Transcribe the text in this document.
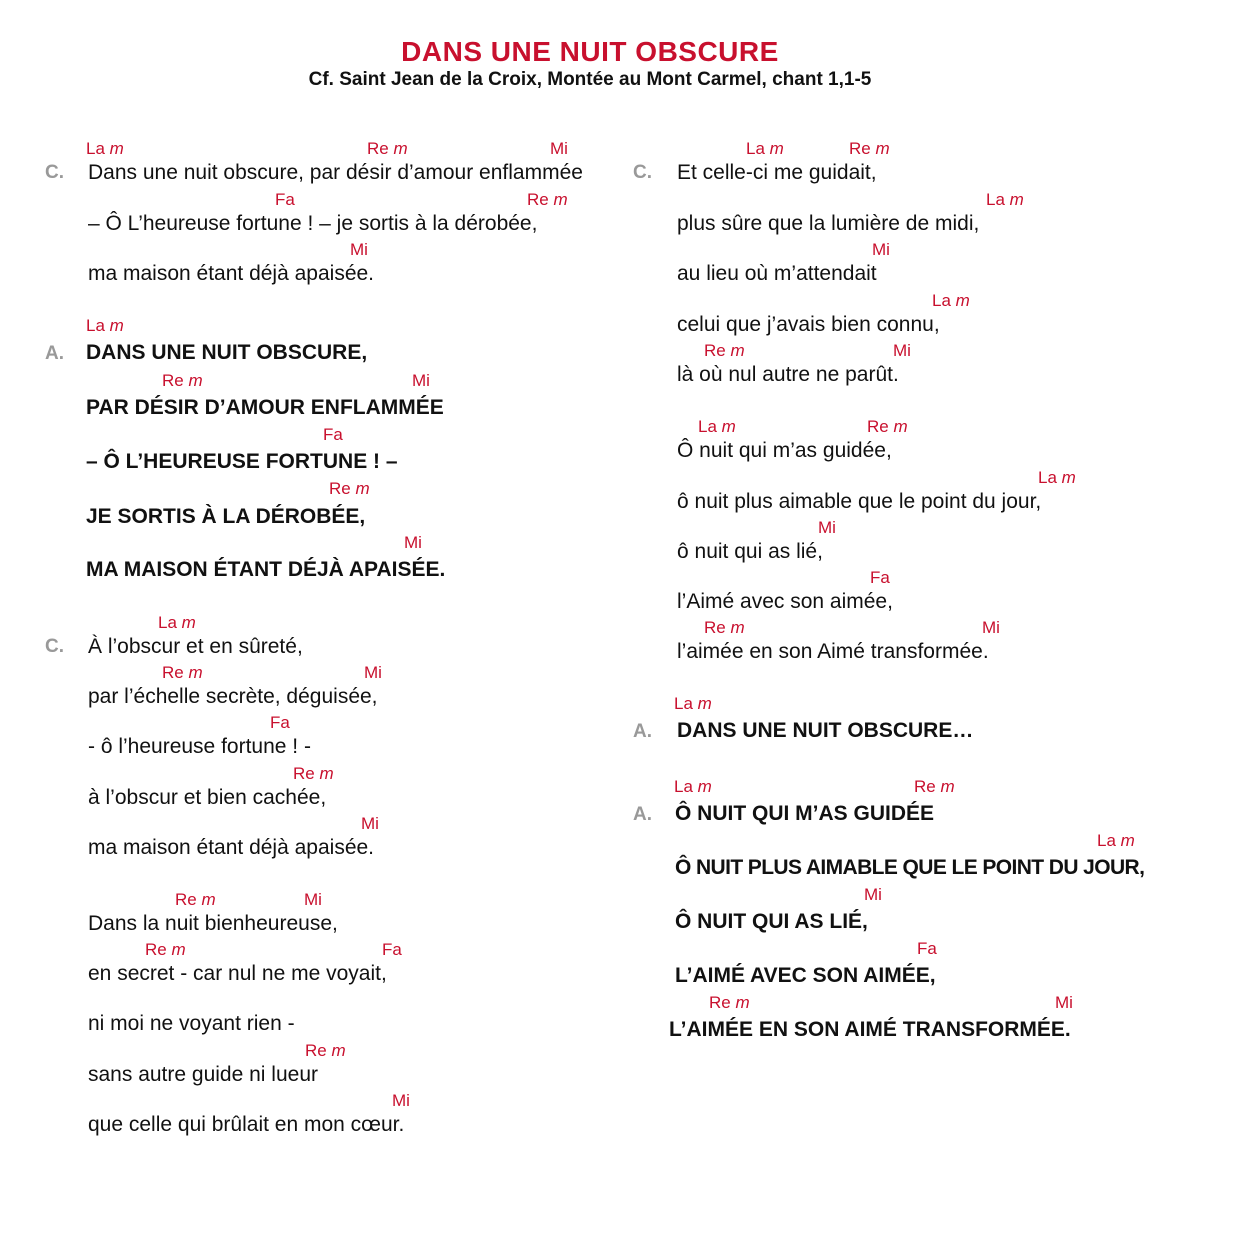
DANS UNE NUIT OBSCURE
Cf. Saint Jean de la Croix, Montée au Mont Carmel, chant 1,1-5
La m	Re m	Mi
C. Dans une nuit obscure, par désir d’amour enflammée
Fa	Re m
– Ô L’heureuse fortune ! – je sortis à la dérobée,
Mi
ma maison étant déjà apaisée.
La m
A. DANS UNE NUIT OBSCURE,
Re m	Mi
PAR DÉSIR D’AMOUR ENFLAMMÉE
Fa
– Ô L’HEUREUSE FORTUNE ! –
Re m
JE SORTIS À LA DÉROBÉE,
Mi
MA MAISON ÉTANT DÉJÀ APAISÉE.
La m
C. À l’obscur et en sûreté,
Re m	Mi
par l’échelle secrète, déguisée,
Fa
- ô l’heureuse fortune ! -
Re m
à l’obscur et bien cachée,
Mi
ma maison étant déjà apaisée.
Re m	Mi
Dans la nuit bienheureuse,
Re m	Fa
en secret - car nul ne me voyait,
ni moi ne voyant rien -
Re m
sans autre guide ni lueur
Mi
que celle qui brûlait en mon cœur.
La m	Re m
C. Et celle-ci me guidait,
La m
plus sûre que la lumière de midi,
Mi
au lieu où m’attendait
La m
celui que j’avais bien connu,
Re m	Mi
là où nul autre ne parût.
La m	Re m
Ô nuit qui m’as guidée,
La m
ô nuit plus aimable que le point du jour,
Mi
ô nuit qui as lié,
Fa
l’Aimé avec son aimée,
Re m	Mi
l’aimée en son Aimé transformée.
La m
A. DANS UNE NUIT OBSCURE…
La m	Re m
A. Ô NUIT QUI M’AS GUIDÉE
La m
Ô NUIT PLUS AIMABLE QUE LE POINT DU JOUR,
Mi
Ô NUIT QUI AS LIÉ,
Fa
L’AIMÉ AVEC SON AIMÉE,
Re m	Mi
L’AIMÉE EN SON AIMÉ TRANSFORMÉE.
